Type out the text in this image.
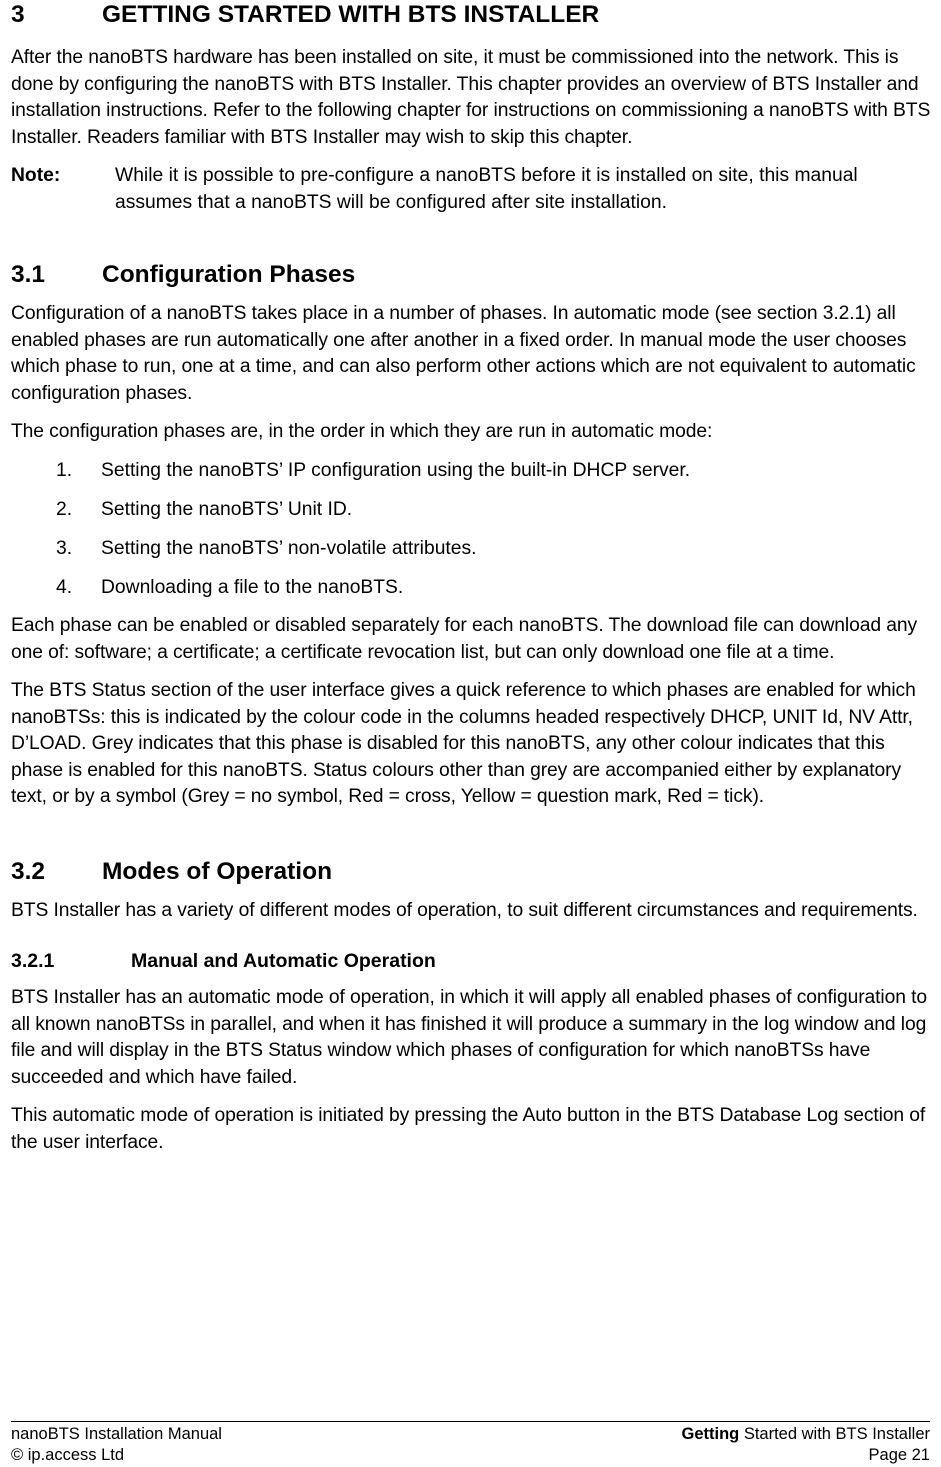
3	GETTING STARTED WITH BTS INSTALLER

After the nanoBTS hardware has been installed on site, it must be commissioned into the network. This is done by configuring the nanoBTS with BTS Installer. This chapter provides an overview of BTS Installer and installation instructions. Refer to the following chapter for instructions on commissioning a nanoBTS with BTS Installer. Readers familiar with BTS Installer may wish to skip this chapter.

Note:	While it is possible to pre-configure a nanoBTS before it is installed on site, this manual assumes that a nanoBTS will be configured after site installation.
3.1 Configuration Phases

Configuration of a nanoBTS takes place in a number of phases. In automatic mode (see section 3.2.1) all enabled phases are run automatically one after another in a fixed order. In manual mode the user chooses which phase to run, one at a time, and can also perform other actions which are not equivalent to automatic configuration phases.

The configuration phases are, in the order in which they are run in automatic mode:

1.	Setting the nanoBTS’ IP configuration using the built-in DHCP server.
2.	Setting the nanoBTS’ Unit ID.
3.	Setting the nanoBTS’ non-volatile attributes.
4.	Downloading a file to the nanoBTS.

Each phase can be enabled or disabled separately for each nanoBTS. The download file can download any one of: software; a certificate; a certificate revocation list, but can only download one file at a time.

The BTS Status section of the user interface gives a quick reference to which phases are enabled for which nanoBTSs: this is indicated by the colour code in the columns headed respectively DHCP, UNIT Id, NV Attr, D’LOAD. Grey indicates that this phase is disabled for this nanoBTS, any other colour indicates that this phase is enabled for this nanoBTS. Status colours other than grey are accompanied either by explanatory text, or by a symbol (Grey = no symbol, Red = cross, Yellow = question mark, Red = tick).

3.2 Modes of Operation

BTS Installer has a variety of different modes of operation, to suit different circumstances and requirements.

3.2.1	Manual and Automatic Operation

BTS Installer has an automatic mode of operation, in which it will apply all enabled phases of configuration to all known nanoBTSs in parallel, and when it has finished it will produce a summary in the log window and log file and will display in the BTS Status window which phases of configuration for which nanoBTSs have succeeded and which have failed.

This automatic mode of operation is initiated by pressing the Auto button in the BTS Database Log section of the user interface.

nanoBTS Installation Manual	Getting Started with BTS Installer
© ip.access Ltd	Page 21
